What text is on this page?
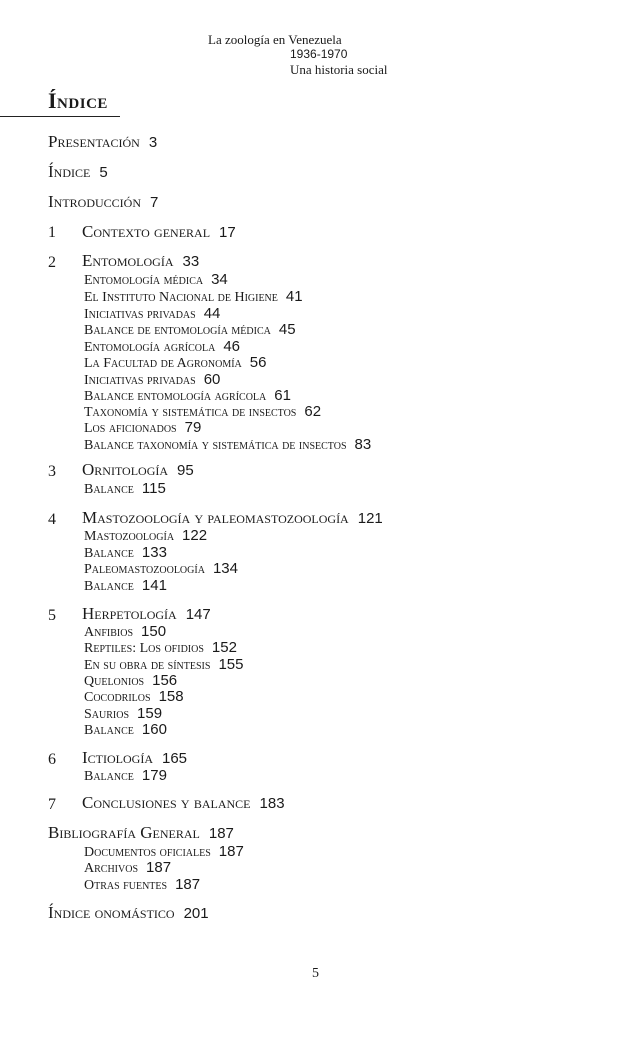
La zoología en Venezuela
1936-1970
Una historia social
Índice
Presentación 3
Índice 5
Introducción 7
1 Contexto general 17
2 Entomología 33
Entomología médica 34
El Instituto Nacional de Higiene 41
Iniciativas privadas 44
Balance de entomología médica 45
Entomología agrícola 46
La Facultad de Agronomía 56
Iniciativas privadas 60
Balance entomología agrícola 61
Taxonomía y sistemática de insectos 62
Los aficionados 79
Balance taxonomía y sistemática de insectos 83
3 Ornitología 95
Balance 115
4 Mastozoología y paleomastozoología 121
Mastozoología 122
Balance 133
Paleomastozoología 134
Balance 141
5 Herpetología 147
Anfibios 150
Reptiles: Los ofidios 152
En su obra de síntesis 155
Quelonios 156
Cocodrilos 158
Saurios 159
Balance 160
6 Ictiología 165
Balance 179
7 Conclusiones y balance 183
Bibliografía General 187
Documentos oficiales 187
Archivos 187
Otras fuentes 187
Índice onomástico 201
5
